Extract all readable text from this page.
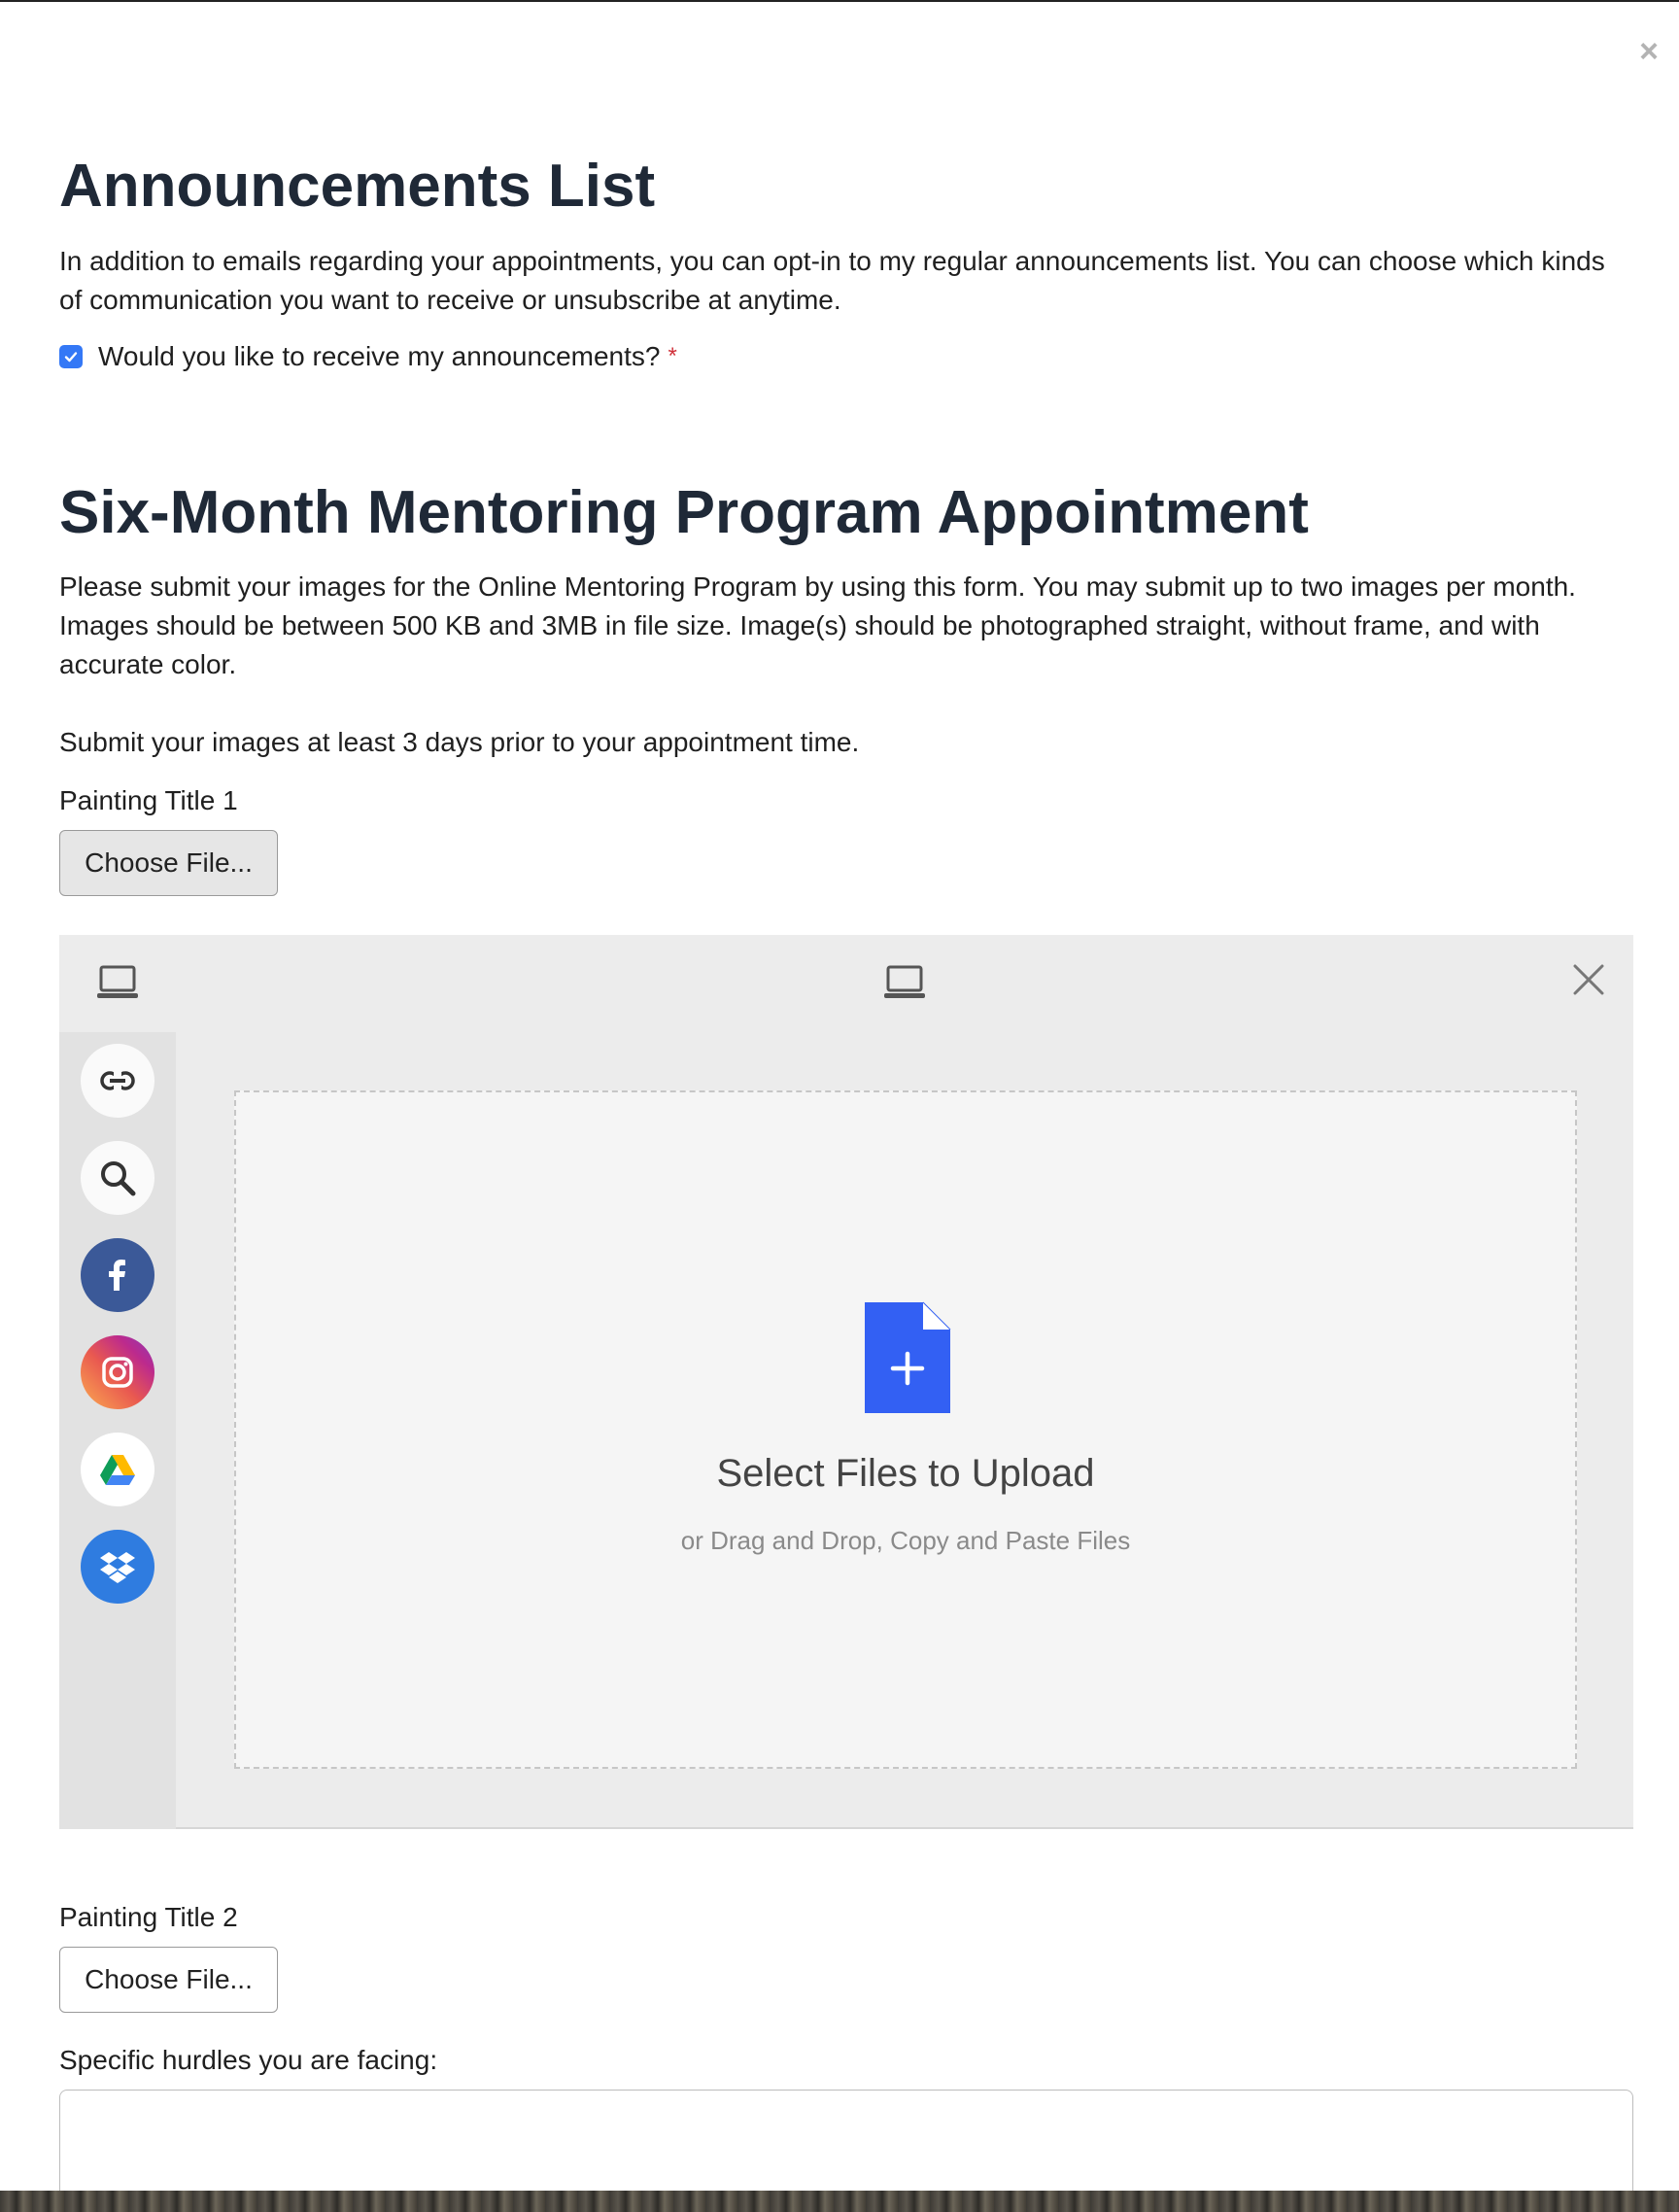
×
Announcements List
In addition to emails regarding your appointments, you can opt-in to my regular announcements list. You can choose which kinds of communication you want to receive or unsubscribe at anytime.
Would you like to receive my announcements? *
Six-Month Mentoring Program Appointment
Please submit your images for the Online Mentoring Program by using this form. You may submit up to two images per month. Images should be between 500 KB and 3MB in file size. Image(s) should be photographed straight, without frame, and with accurate color.
Submit your images at least 3 days prior to your appointment time.
Painting Title 1
Choose File...
Select Files to Upload
or Drag and Drop, Copy and Paste Files
Painting Title 2
Choose File...
Specific hurdles you are facing:
